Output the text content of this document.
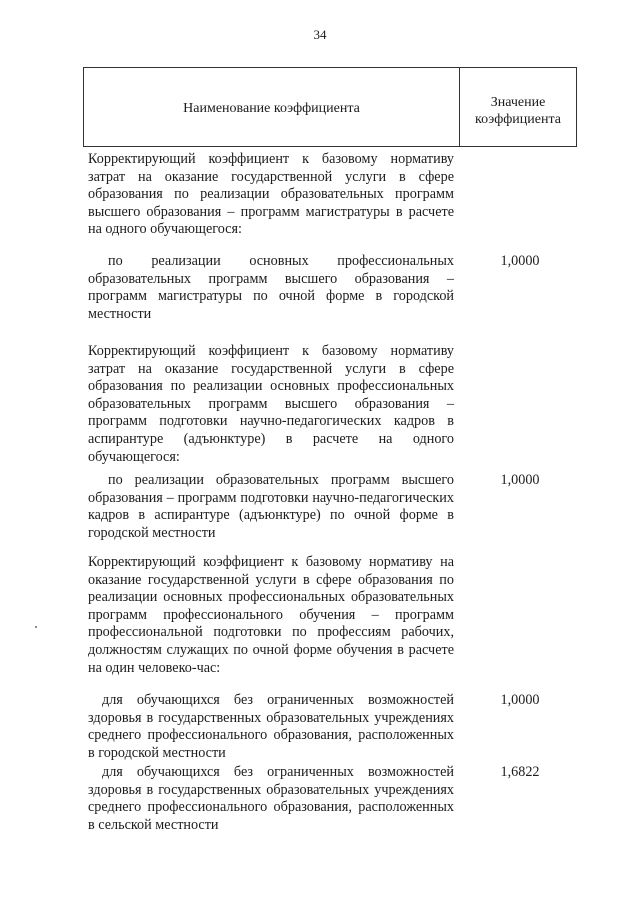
34
Наименование коэффициента	Значение
коэффициента
Корректирующий коэффициент к базовому нормативу затрат на оказание государственной услуги в сфере образования по реализации образовательных программ высшего образования – программ магистратуры в расчете на одного обучающегося:
по реализации основных профессиональных образовательных программ высшего образования – программ магистратуры по очной форме в городской местности
1,0000
Корректирующий коэффициент к базовому нормативу затрат на оказание государственной услуги в сфере образования по реализации основных профессиональных образовательных программ высшего образования – программ подготовки научно-педагогических кадров в аспирантуре (адъюнктуре) в расчете на одного обучающегося:
по реализации образовательных программ высшего образования – программ подготовки научно-педагогических кадров в аспирантуре (адъюнктуре) по очной форме в городской местности
1,0000
Корректирующий коэффициент к базовому нормативу на оказание государственной услуги в сфере образования по реализации основных профессиональных образовательных программ профессионального обучения – программ профессиональной подготовки по профессиям рабочих, должностям служащих по очной форме обучения в расчете на один человеко-час:
для обучающихся без ограниченных возможностей здоровья в государственных образовательных учреждениях среднего профессионального образования, расположенных в городской местности
1,0000
для обучающихся без ограниченных возможностей здоровья в государственных образовательных учреждениях среднего профессионального образования, расположенных в сельской местности
1,6822
